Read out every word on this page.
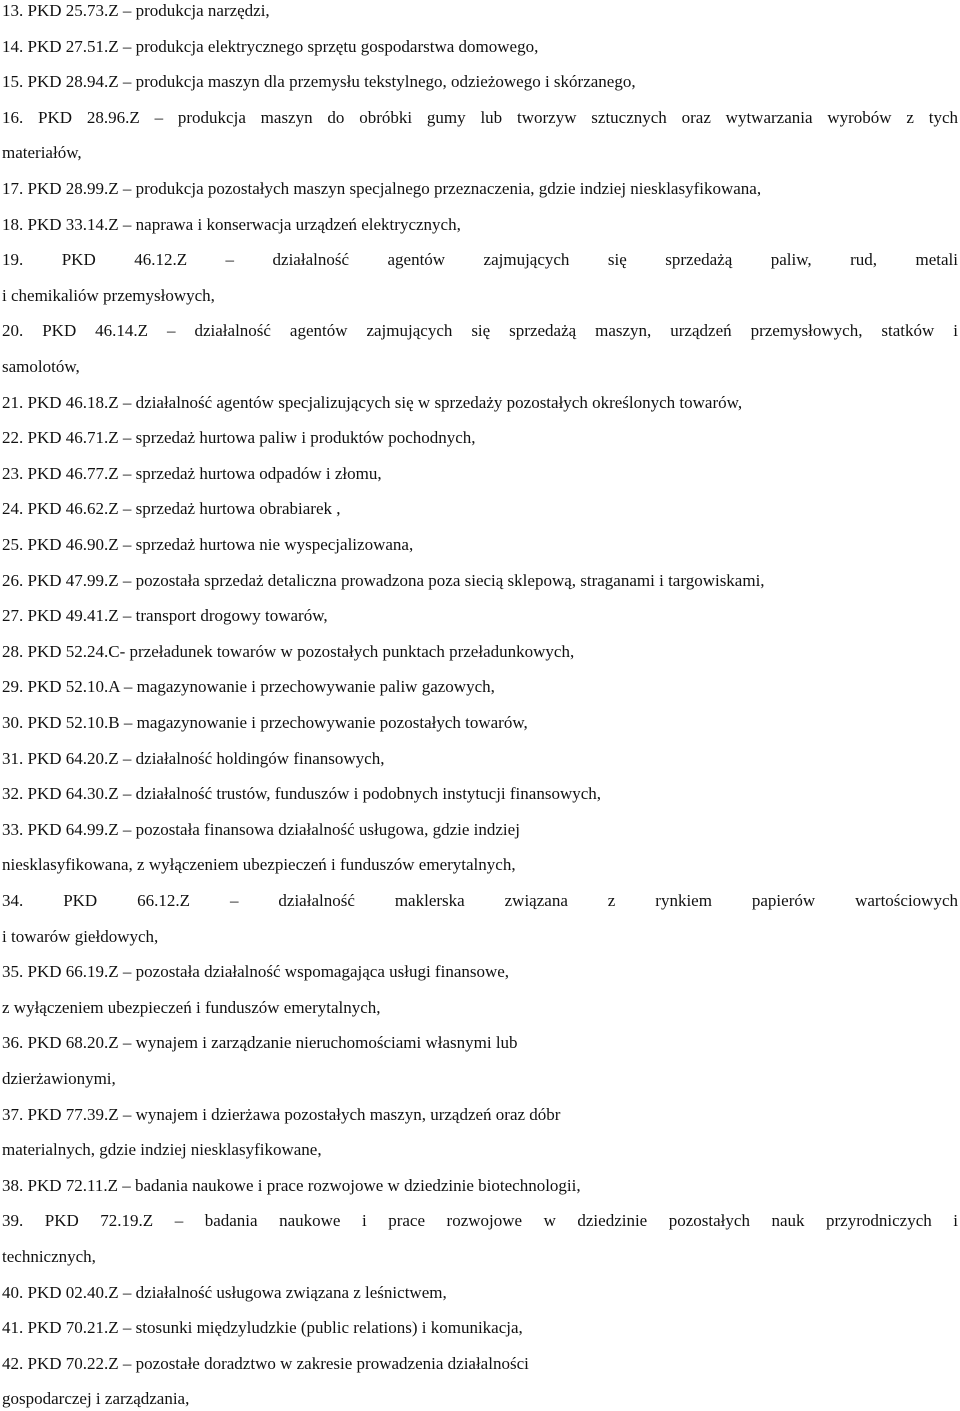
13. PKD 25.73.Z – produkcja narzędzi,
14. PKD 27.51.Z – produkcja elektrycznego sprzętu gospodarstwa domowego,
15. PKD 28.94.Z – produkcja maszyn dla przemysłu tekstylnego, odzieżowego i skórzanego,
16. PKD 28.96.Z – produkcja maszyn do obróbki gumy lub tworzyw sztucznych oraz wytwarzania wyrobów z tych
materiałów,
17. PKD 28.99.Z – produkcja pozostałych maszyn specjalnego przeznaczenia, gdzie indziej niesklasyfikowana,
18. PKD 33.14.Z – naprawa i konserwacja urządzeń elektrycznych,
19. PKD 46.12.Z – działalność agentów zajmujących się sprzedażą paliw, rud, metali
i chemikaliów przemysłowych,
20. PKD 46.14.Z – działalność agentów zajmujących się sprzedażą maszyn, urządzeń przemysłowych, statków i
samolotów,
21. PKD 46.18.Z – działalność agentów specjalizujących się w sprzedaży pozostałych określonych towarów,
22. PKD 46.71.Z – sprzedaż hurtowa paliw i produktów pochodnych,
23. PKD 46.77.Z – sprzedaż hurtowa odpadów i złomu,
24. PKD 46.62.Z – sprzedaż hurtowa obrabiarek ,
25. PKD 46.90.Z – sprzedaż hurtowa nie wyspecjalizowana,
26. PKD 47.99.Z – pozostała sprzedaż detaliczna prowadzona poza siecią sklepową, straganami i targowiskami,
27. PKD 49.41.Z – transport drogowy towarów,
28. PKD 52.24.C- przeładunek towarów w pozostałych punktach przeładunkowych,
29. PKD 52.10.A – magazynowanie i przechowywanie paliw gazowych,
30. PKD 52.10.B – magazynowanie i przechowywanie pozostałych towarów,
31. PKD 64.20.Z – działalność holdingów finansowych,
32. PKD 64.30.Z – działalność trustów, funduszów i podobnych instytucji finansowych,
33. PKD 64.99.Z – pozostała finansowa działalność usługowa, gdzie indziej
niesklasyfikowana, z wyłączeniem ubezpieczeń i funduszów emerytalnych,
34. PKD 66.12.Z – działalność maklerska związana z rynkiem papierów wartościowych
i towarów giełdowych,
35. PKD 66.19.Z – pozostała działalność wspomagająca usługi finansowe,
z wyłączeniem ubezpieczeń i funduszów emerytalnych,
36. PKD 68.20.Z – wynajem i zarządzanie nieruchomościami własnymi lub
dzierżawionymi,
37. PKD 77.39.Z – wynajem i dzierżawa pozostałych maszyn, urządzeń oraz dóbr
materialnych, gdzie indziej niesklasyfikowane,
38. PKD 72.11.Z – badania naukowe i prace rozwojowe w dziedzinie biotechnologii,
39. PKD 72.19.Z – badania naukowe i prace rozwojowe w dziedzinie pozostałych nauk przyrodniczych i
technicznych,
40. PKD 02.40.Z – działalność usługowa związana z leśnictwem,
41. PKD 70.21.Z – stosunki międzyludzkie (public relations) i komunikacja,
42. PKD 70.22.Z – pozostałe doradztwo w zakresie prowadzenia działalności
gospodarczej i zarządzania,
